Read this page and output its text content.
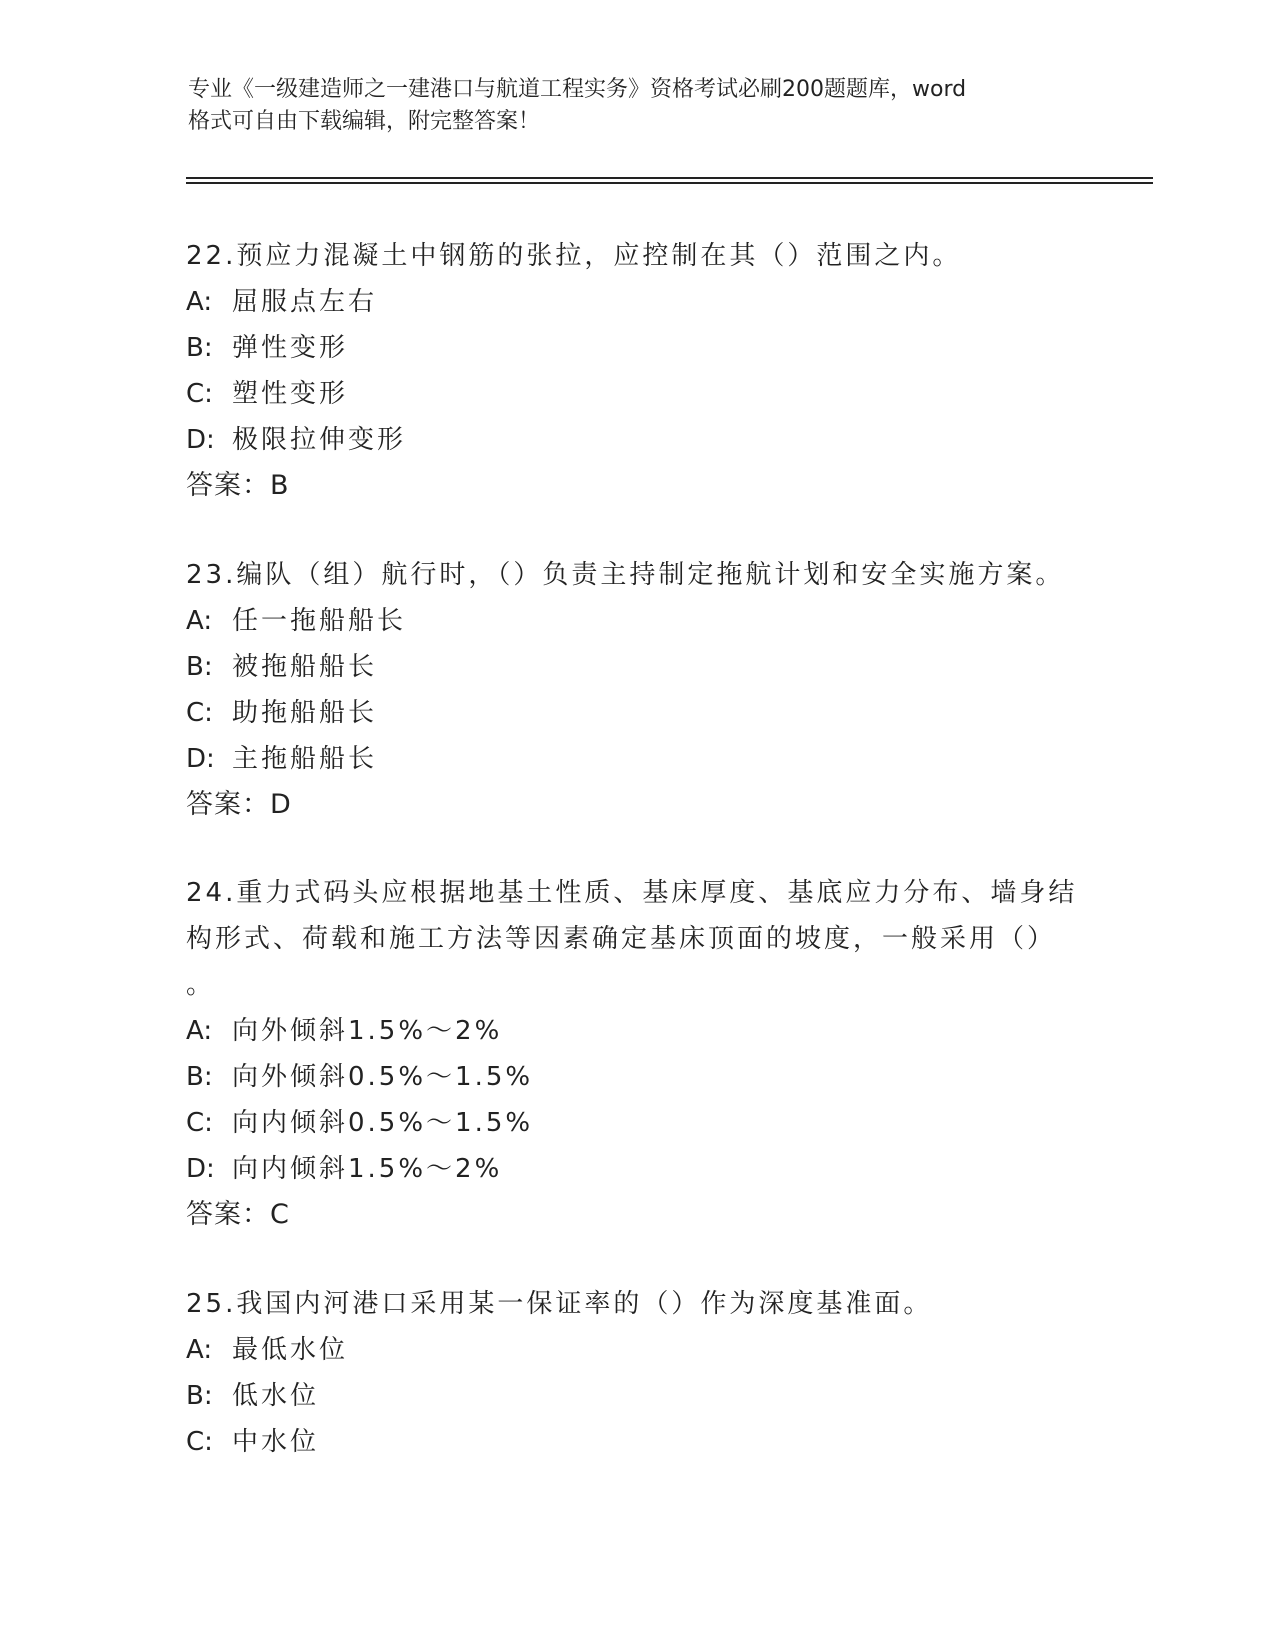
专业《一级建造师之一建港口与航道工程实务》资格考试必刷200题题库，word
格式可自由下载编辑，附完整答案！
22.预应力混凝土中钢筋的张拉，应控制在其（）范围之内。
A: 屈服点左右
B: 弹性变形
C: 塑性变形
D: 极限拉伸变形
答案：B
23.编队（组）航行时，（）负责主持制定拖航计划和安全实施方案。
A: 任一拖船船长
B: 被拖船船长
C: 助拖船船长
D: 主拖船船长
答案：D
24.重力式码头应根据地基土性质、基床厚度、基底应力分布、墙身结
构形式、荷载和施工方法等因素确定基床顶面的坡度，一般采用（）
。
A: 向外倾斜1.5%～2%
B: 向外倾斜0.5%～1.5%
C: 向内倾斜0.5%～1.5%
D: 向内倾斜1.5%～2%
答案：C
25.我国内河港口采用某一保证率的（）作为深度基准面。
A: 最低水位
B: 低水位
C: 中水位
